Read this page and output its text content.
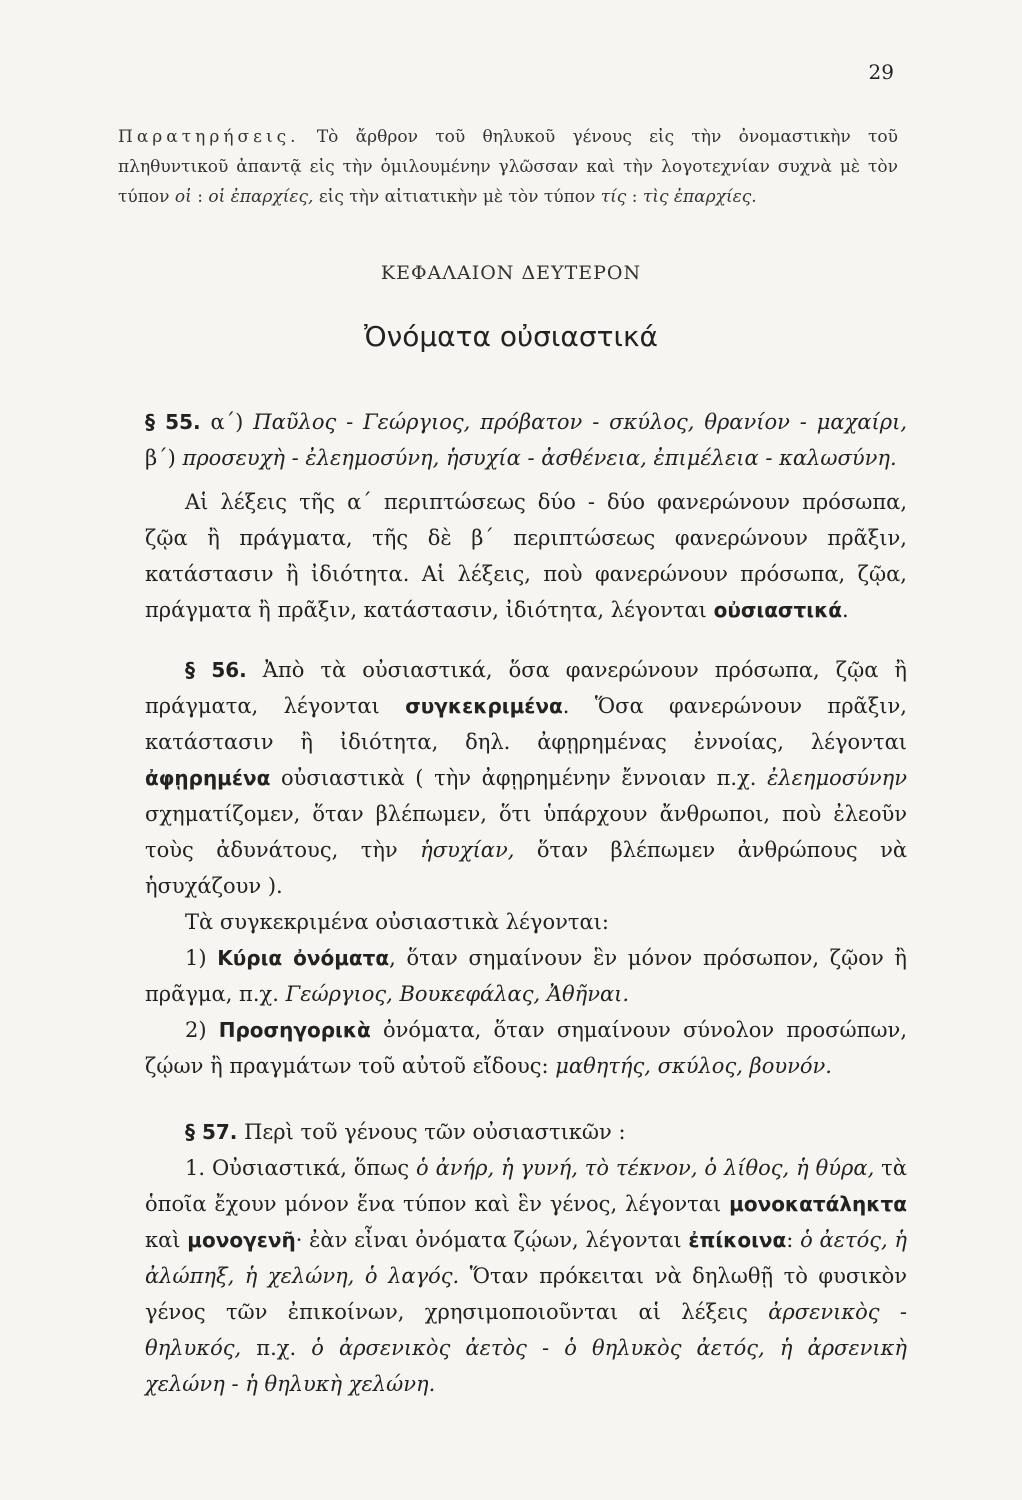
29
Παρατηρήσεις. Τὸ ἄρθρον τοῦ θηλυκοῦ γένους εἰς τὴν ὀνομαστικὴν τοῦ πληθυντικοῦ ἀπαντᾷ εἰς τὴν ὁμιλουμένην γλῶσσαν καὶ τὴν λογοτεχνίαν συχνὰ μὲ τὸν τύπον οἱ : οἱ ἐπαρχίες, εἰς τὴν αἰτιατικὴν μὲ τὸν τύπον τίς : τὶς ἐπαρχίες.
ΚΕΦΑΛΑΙΟΝ ΔΕΥΤΕΡΟΝ
Ὀνόματα οὐσιαστικά

§ 55. α΄) Παῦλος - Γεώργιος, πρόβατον - σκύλος, θρανίον - μαχαίρι, β΄) προσευχὴ - ἐλεημοσύνη, ἡσυχία - ἀσθένεια, ἐπιμέλεια - καλωσύνη.

Αἱ λέξεις τῆς α΄ περιπτώσεως δύο - δύο φανερώνουν πρόσωπα, ζῷα ἢ πράγματα, τῆς δὲ β΄ περιπτώσεως φανερώνουν πρᾶξιν, κατάστασιν ἢ ἰδιότητα. Αἱ λέξεις, ποὺ φανερώνουν πρόσωπα, ζῷα, πράγματα ἢ πρᾶξιν, κατάστασιν, ἰδιότητα, λέγονται οὐσιαστικά.

§ 56. Ἀπὸ τὰ οὐσιαστικά, ὅσα φανερώνουν πρόσωπα, ζῷα ἢ πράγματα, λέγονται συγκεκριμένα. Ὅσα φανερώνουν πρᾶξιν, κατάστασιν ἢ ἰδιότητα, δηλ. ἀφῃρημένας ἐννοίας, λέγονται ἀφῃρημένα οὐσιαστικὰ ( τὴν ἀφῃρημένην ἔννοιαν π.χ. ἐλεημοσύνην σχηματίζομεν, ὅταν βλέπωμεν, ὅτι ὑπάρχουν ἄνθρωποι, ποὺ ἐλεοῦν τοὺς ἀδυνάτους, τὴν ἡσυχίαν, ὅταν βλέπωμεν ἀνθρώπους νὰ ἡσυχάζουν ).

Τὰ συγκεκριμένα οὐσιαστικὰ λέγονται:

1) Κύρια ὀνόματα, ὅταν σημαίνουν ἓν μόνον πρόσωπον, ζῷον ἢ πρᾶγμα, π.χ. Γεώργιος, Βουκεφάλας, Ἀθῆναι.

2) Προσηγορικὰ ὀνόματα, ὅταν σημαίνουν σύνολον προσώπων, ζῴων ἢ πραγμάτων τοῦ αὐτοῦ εἴδους: μαθητής, σκύλος, βουνόν.

§ 57. Περὶ τοῦ γένους τῶν οὐσιαστικῶν :

1. Οὐσιαστικά, ὅπως ὁ ἀνήρ, ἡ γυνή, τὸ τέκνον, ὁ λίθος, ἡ θύρα, τὰ ὁποῖα ἔχουν μόνον ἕνα τύπον καὶ ἓν γένος, λέγονται μονοκατάληκτα καὶ μονογενῆ· ἐὰν εἶναι ὀνόματα ζῴων, λέγονται ἐπίκοινα: ὁ ἀετός, ἡ ἀλώπηξ, ἡ χελώνη, ὁ λαγός. Ὅταν πρόκειται νὰ δηλωθῇ τὸ φυσικὸν γένος τῶν ἐπικοίνων, χρησιμοποιοῦνται αἱ λέξεις ἀρσενικὸς - θηλυκός, π.χ. ὁ ἀρσενικὸς ἀετὸς - ὁ θηλυκὸς ἀετός, ἡ ἀρσενικὴ χελώνη - ἡ θηλυκὴ χελώνη.
